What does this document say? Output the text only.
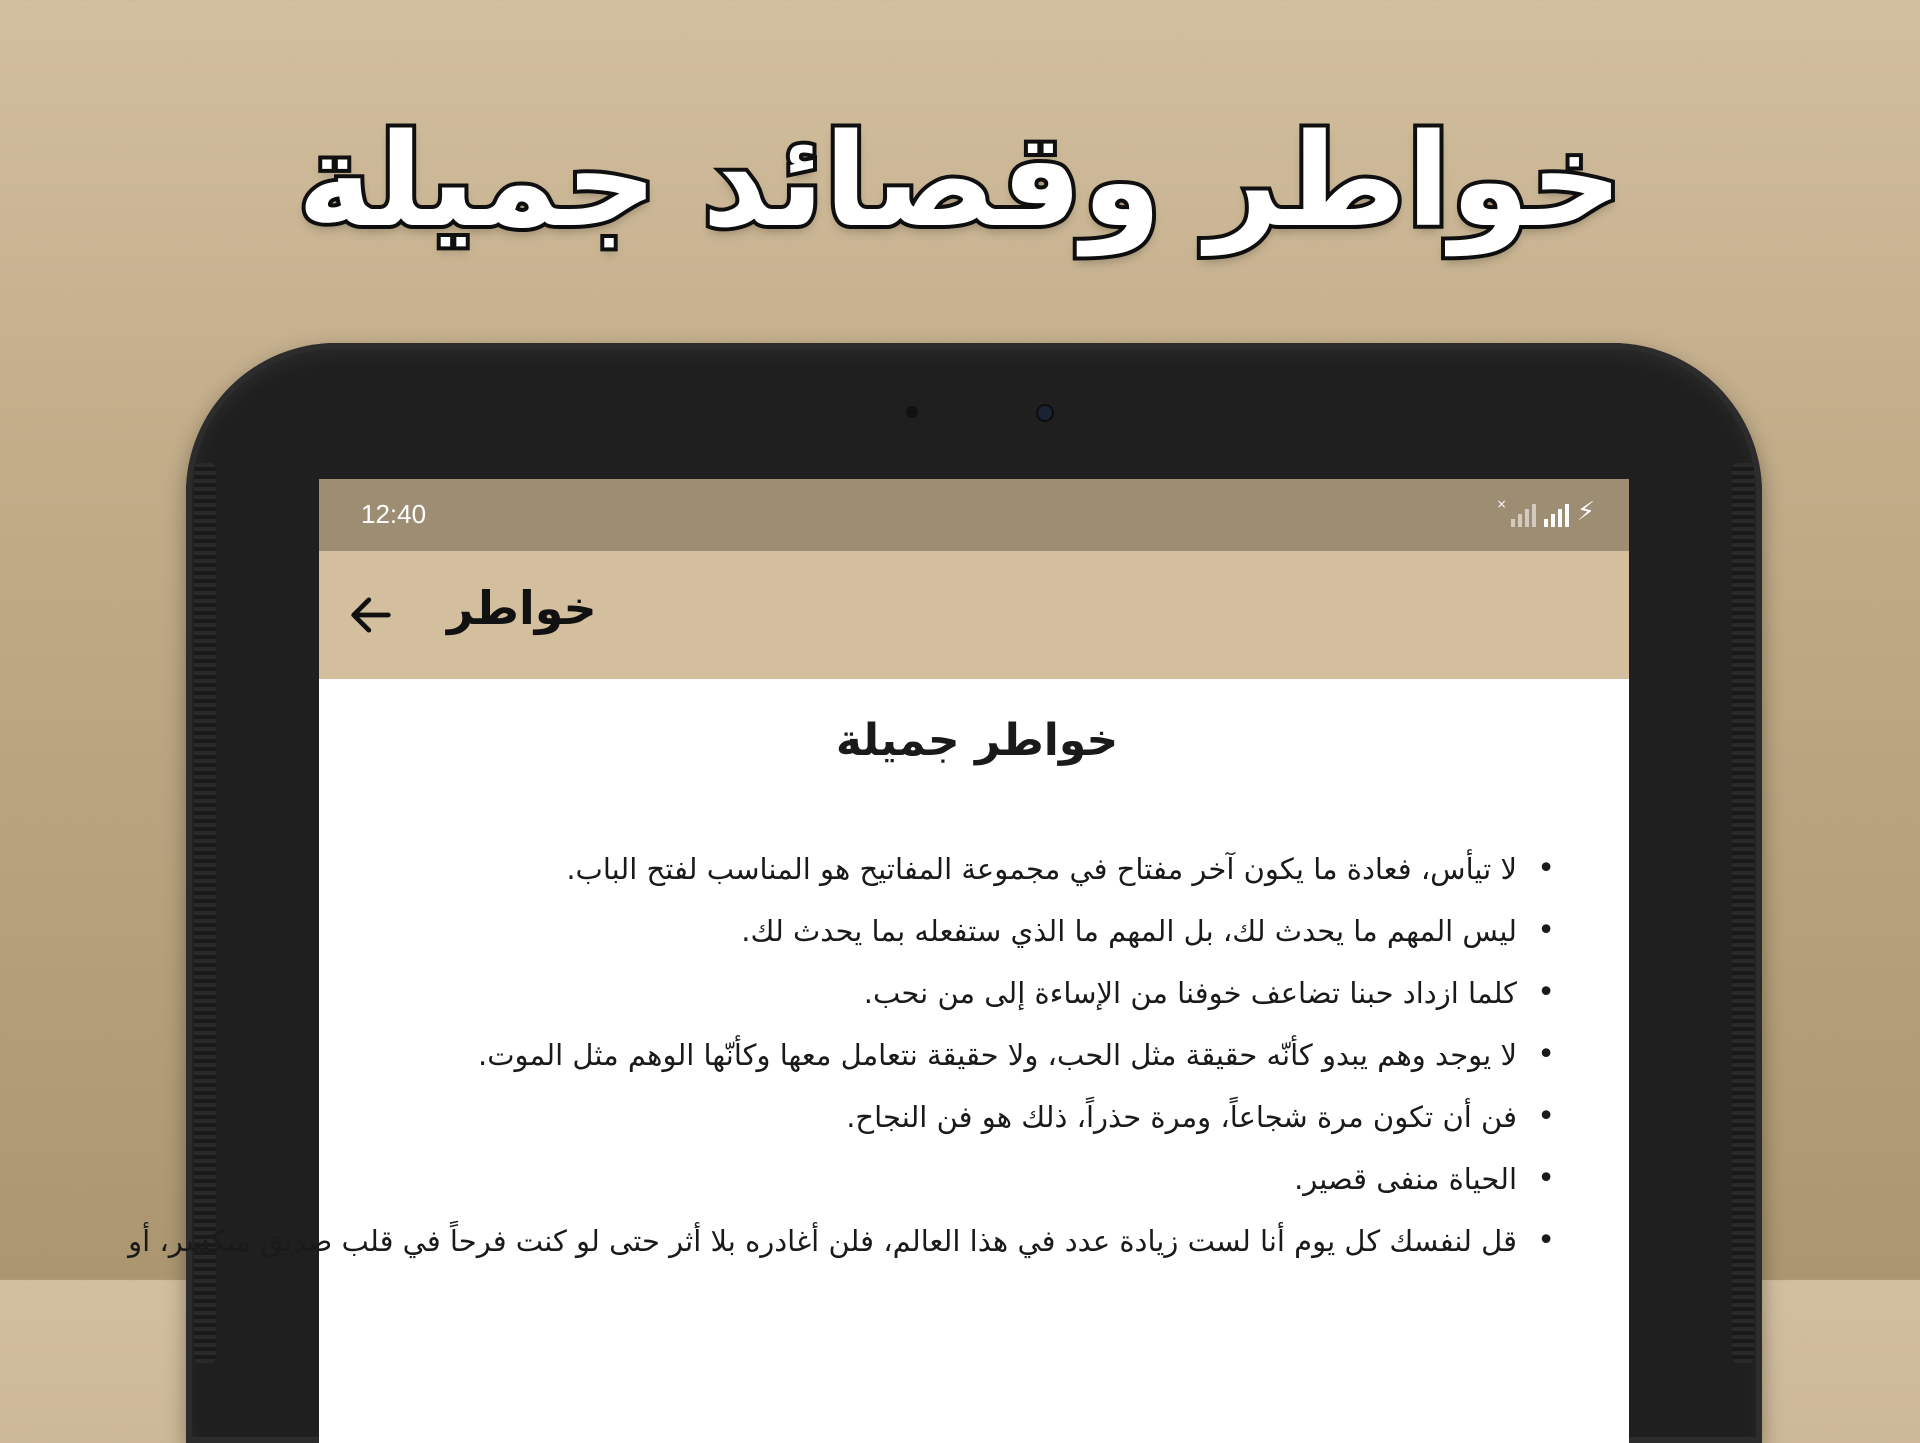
خواطر وقصائد جميلة
12:40	×	⚡
خواطر
خواطر جميلة
• لا تيأس، فعادة ما يكون آخر مفتاح في مجموعة المفاتيح هو المناسب لفتح الباب.
• ليس المهم ما يحدث لك، بل المهم ما الذي ستفعله بما يحدث لك.
• كلما ازداد حبنا تضاعف خوفنا من الإساءة إلى من نحب.
• لا يوجد وهم يبدو كأنّه حقيقة مثل الحب، ولا حقيقة نتعامل معها وكأنّها الوهم مثل الموت.
• فن أن تكون مرة شجاعاً، ومرة حذراً، ذلك هو فن النجاح.
• الحياة منفى قصير.
• قل لنفسك كل يوم أنا لست زيادة عدد في هذا العالم، فلن أغادره بلا أثر حتى لو كنت فرحاً في قلب صديق منكسر، أو
